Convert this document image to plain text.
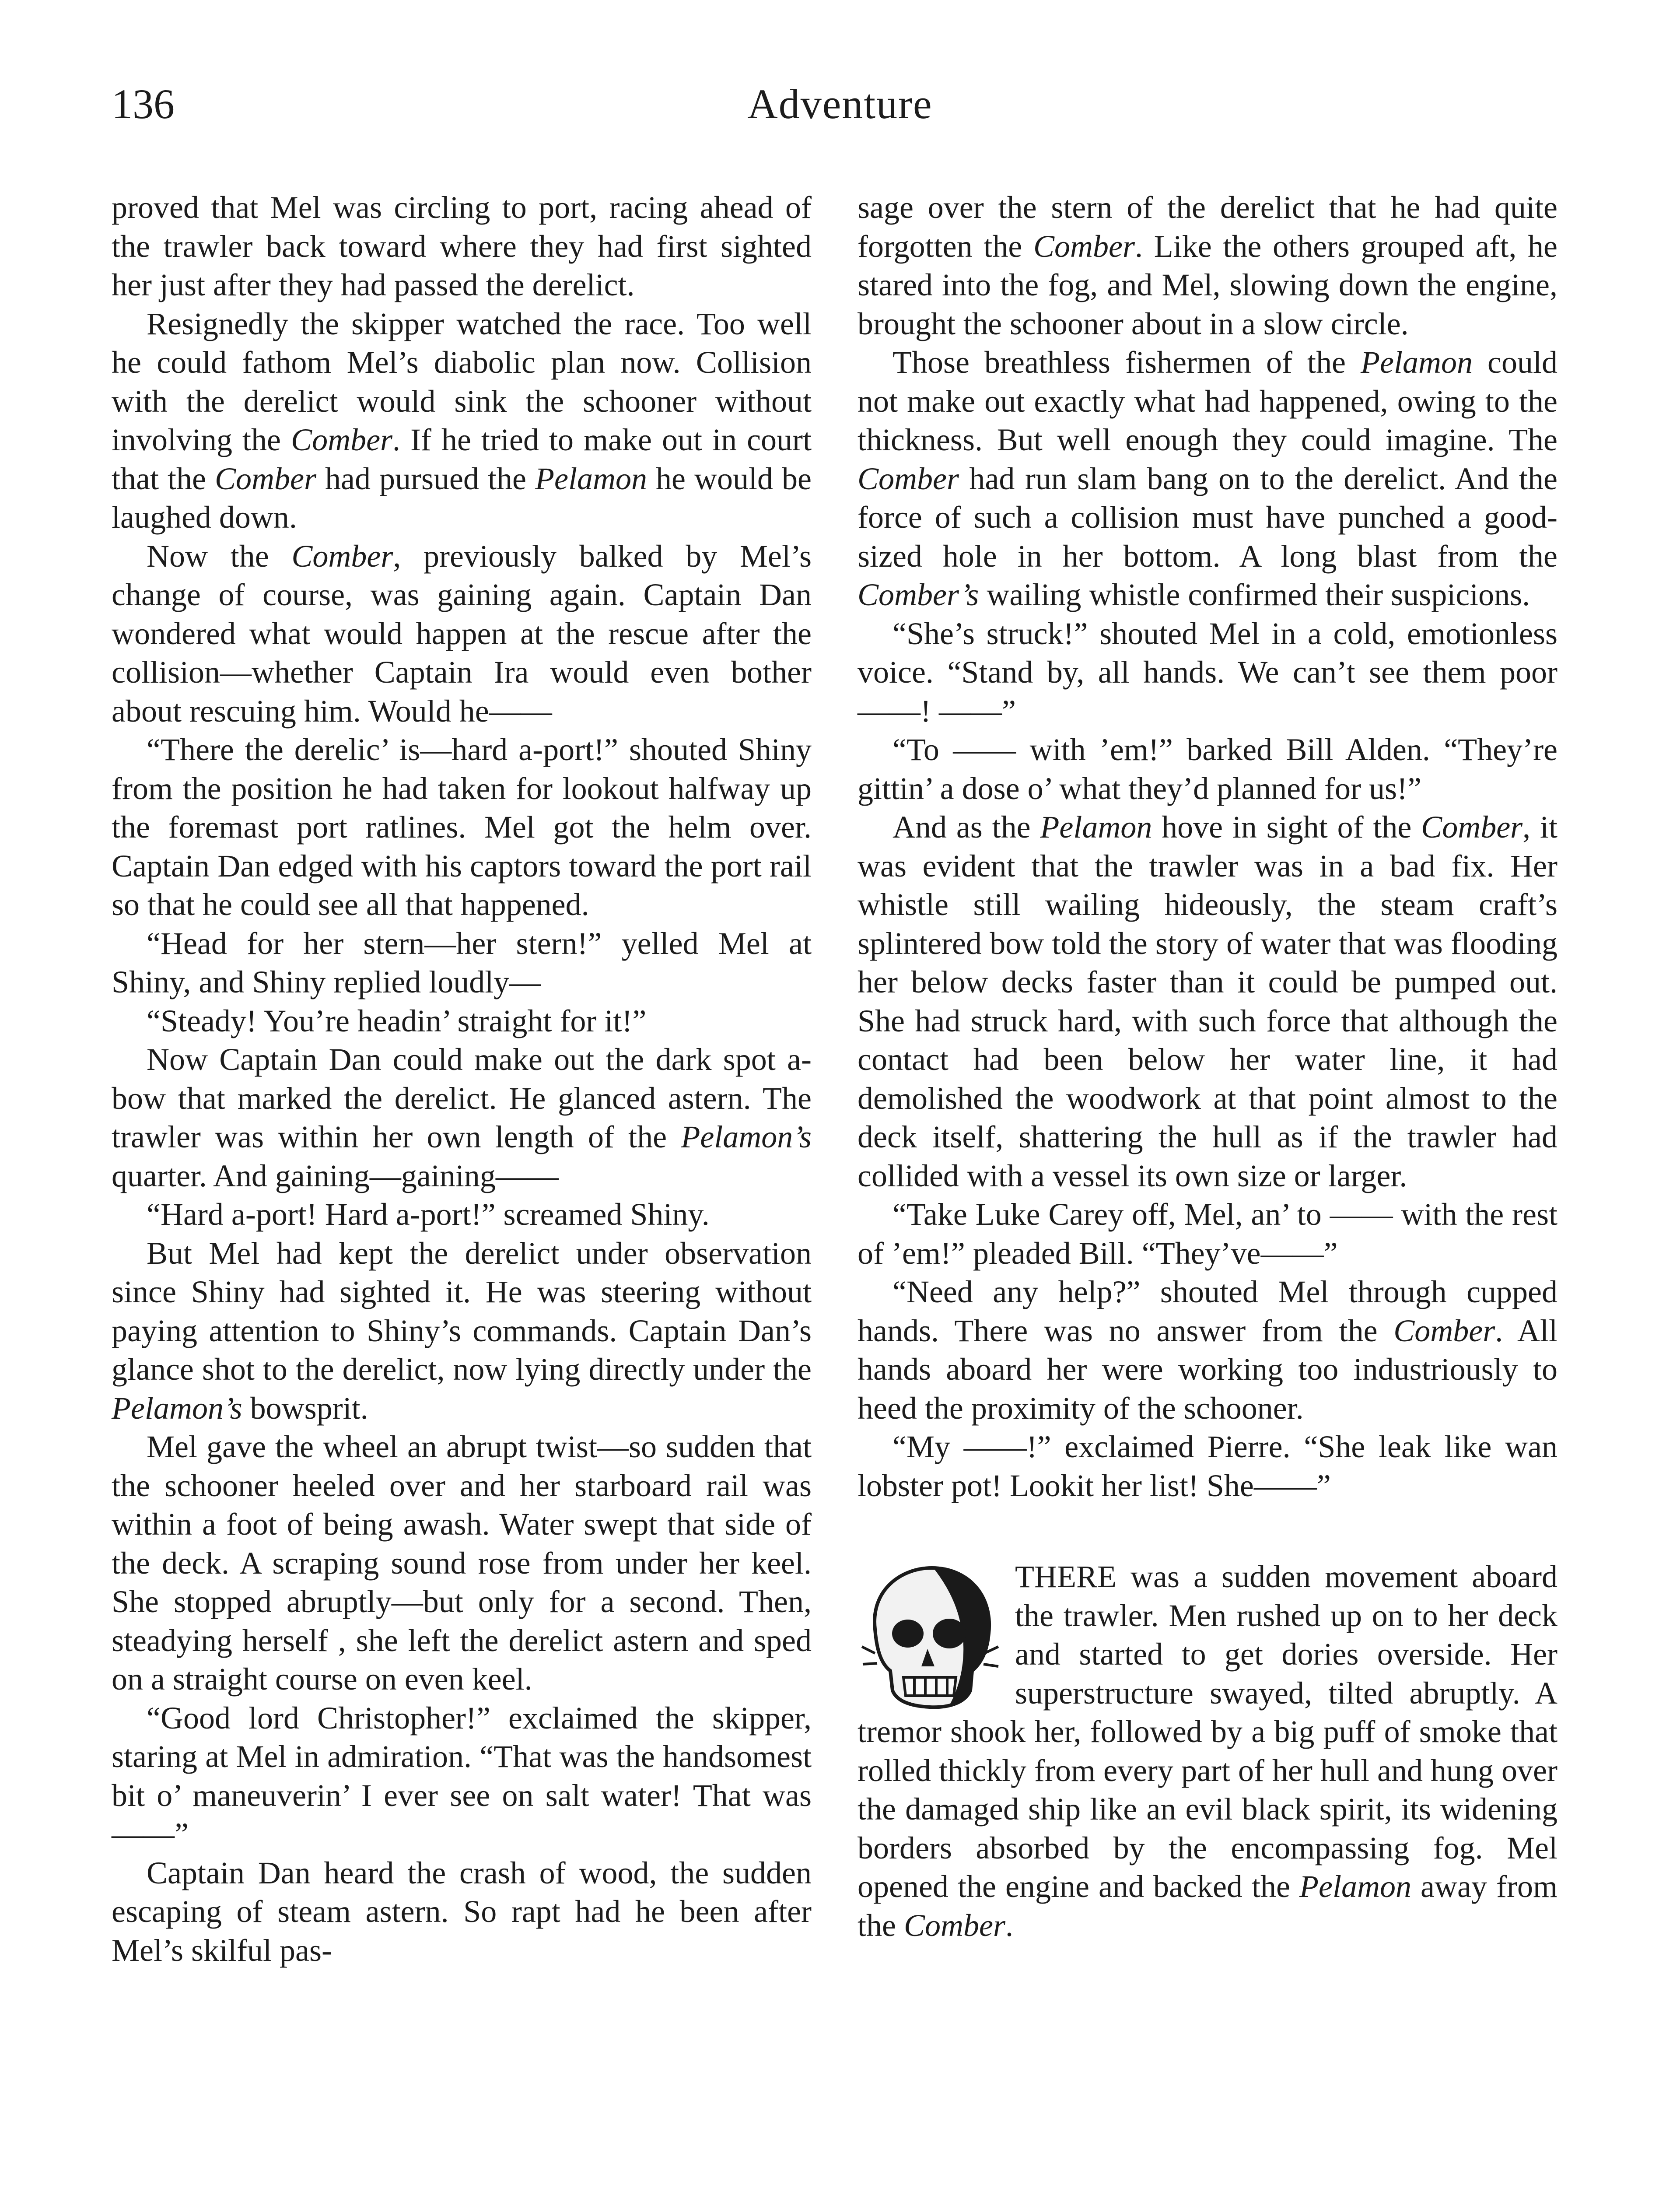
136	Adventure

proved that Mel was circling to port, racing ahead of the trawler back toward where they had first sighted her just after they had passed the derelict.

Resignedly the skipper watched the race. Too well he could fathom Mel’s diabolic plan now. Collision with the derelict would sink the schooner without involving the Comber. If he tried to make out in court that the Comber had pursued the Pelamon he would be laughed down.

Now the Comber, previously balked by Mel’s change of course, was gaining again. Captain Dan wondered what would happen at the rescue after the collision—whether Captain Ira would even bother about rescuing him. Would he——

“There the derelic’ is—hard a-port!” shouted Shiny from the position he had taken for lookout halfway up the foremast port ratlines. Mel got the helm over. Captain Dan edged with his captors toward the port rail so that he could see all that happened.

“Head for her stern—her stern!” yelled Mel at Shiny, and Shiny replied loudly—

“Steady! You’re headin’ straight for it!”

Now Captain Dan could make out the dark spot a-bow that marked the derelict. He glanced astern. The trawler was within her own length of the Pelamon’s quarter. And gaining—gaining——

“Hard a-port! Hard a-port!” screamed Shiny.

But Mel had kept the derelict under observation since Shiny had sighted it. He was steering without paying attention to Shiny’s commands. Captain Dan’s glance shot to the derelict, now lying directly under the Pelamon’s bowsprit.

Mel gave the wheel an abrupt twist—so sudden that the schooner heeled over and her starboard rail was within a foot of being awash. Water swept that side of the deck. A scraping sound rose from under her keel. She stopped abruptly—but only for a second. Then, steadying herself , she left the derelict astern and sped on a straight course on even keel.

“Good lord Christopher!” exclaimed the skipper, staring at Mel in admiration. “That was the handsomest bit o’ maneuverin’ I ever see on salt water! That was——”

Captain Dan heard the crash of wood, the sudden escaping of steam astern. So rapt had he been after Mel’s skilful pas-

sage over the stern of the derelict that he had quite forgotten the Comber. Like the others grouped aft, he stared into the fog, and Mel, slowing down the engine, brought the schooner about in a slow circle.

Those breathless fishermen of the Pelamon could not make out exactly what had happened, owing to the thickness. But well enough they could imagine. The Comber had run slam bang on to the derelict. And the force of such a collision must have punched a good-sized hole in her bottom. A long blast from the Comber’s wailing whistle confirmed their suspicions.

“She’s struck!” shouted Mel in a cold, emotionless voice. “Stand by, all hands. We can’t see them poor ——! ——”

“To —— with ’em!” barked Bill Alden. “They’re gittin’ a dose o’ what they’d planned for us!”

And as the Pelamon hove in sight of the Comber, it was evident that the trawler was in a bad fix. Her whistle still wailing hideously, the steam craft’s splintered bow told the story of water that was flooding her below decks faster than it could be pumped out. She had struck hard, with such force that although the contact had been below her water line, it had demolished the woodwork at that point almost to the deck itself, shattering the hull as if the trawler had collided with a vessel its own size or larger.

“Take Luke Carey off, Mel, an’ to —— with the rest of ’em!” pleaded Bill. “They’ve——”

“Need any help?” shouted Mel through cupped hands. There was no answer from the Comber. All hands aboard her were working too industriously to heed the proximity of the schooner.

“My ——!” exclaimed Pierre. “She leak like wan lobster pot! Lookit her list! She——”

THERE was a sudden movement aboard the trawler. Men rushed up on to her deck and started to get dories overside. Her superstructure swayed, tilted abruptly. A tremor shook her, followed by a big puff of smoke that rolled thickly from every part of her hull and hung over the damaged ship like an evil black spirit, its widening borders absorbed by the encompassing fog. Mel opened the engine and backed the Pelamon away from the Comber.
